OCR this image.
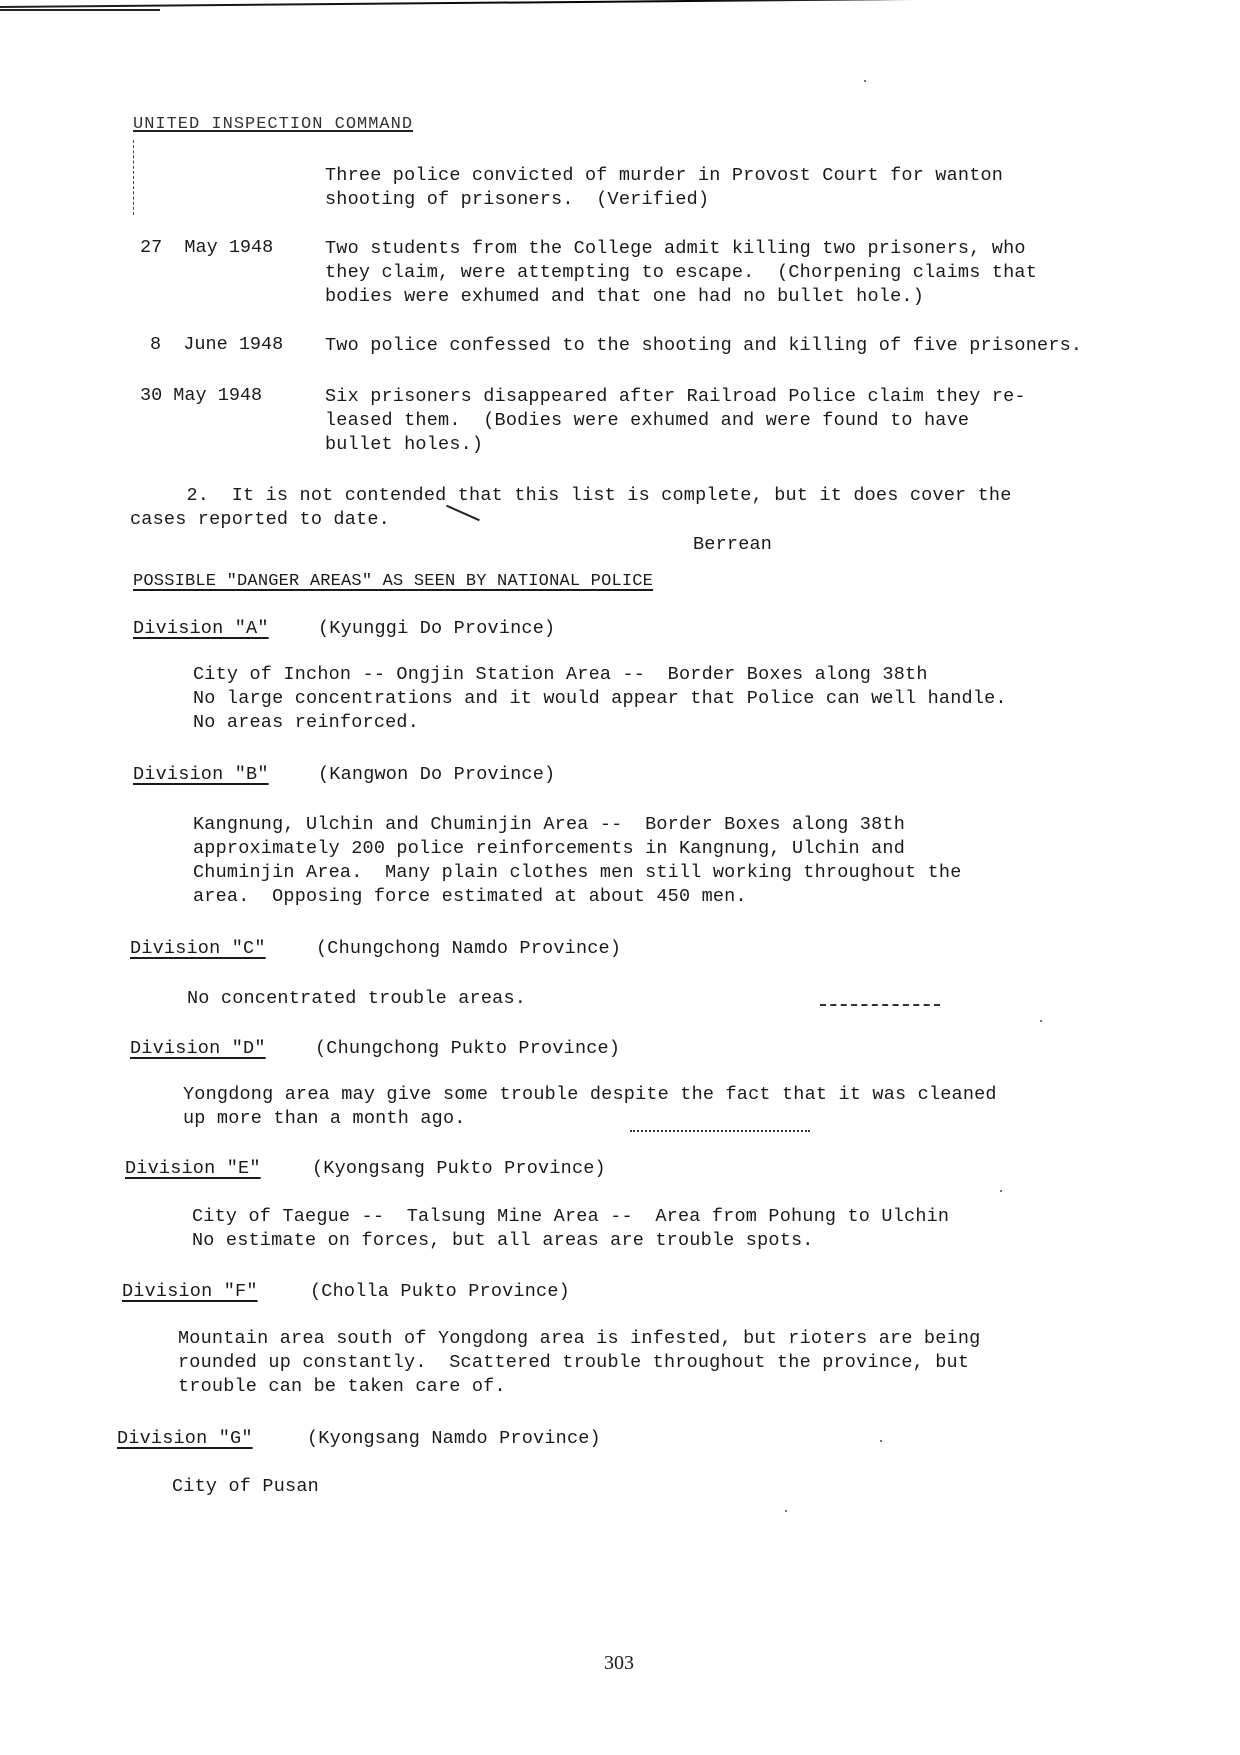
UNITED INSPECTION COMMAND
Three police convicted of murder in Provost Court for wanton
shooting of prisoners.  (Verified)
27  May 1948	Two students from the College admit killing two prisoners, who
they claim, were attempting to escape.  (Chorpening claims that
bodies were exhumed and that one had no bullet hole.)
8  June 1948 Two police confessed to the shooting and killing of five prisoners.
30 May 1948	Six prisoners disappeared after Railroad Police claim they re-
leased them.  (Bodies were exhumed and were found to have
bullet holes.)
2.  It is not contended that this list is complete, but it does cover the
cases reported to date.
Berrean
POSSIBLE "DANGER AREAS" AS SEEN BY NATIONAL POLICE
Division "A"	(Kyunggi Do Province)
City of Inchon -- Ongjin Station Area --  Border Boxes along 38th
No large concentrations and it would appear that Police can well handle.
No areas reinforced.
Division "B"	(Kangwon Do Province)
Kangnung, Ulchin and Chuminjin Area --  Border Boxes along 38th
approximately 200 police reinforcements in Kangnung, Ulchin and
Chuminjin Area.  Many plain clothes men still working throughout the
area.  Opposing force estimated at about 450 men.
Division "C"	(Chungchong Namdo Province)
No concentrated trouble areas.
Division "D"	(Chungchong Pukto Province)
Yongdong area may give some trouble despite the fact that it was cleaned
up more than a month ago.
Division "E"	(Kyongsang Pukto Province)
City of Taegue --  Talsung Mine Area --  Area from Pohung to Ulchin
No estimate on forces, but all areas are trouble spots.
Division "F"	(Cholla Pukto Province)
Mountain area south of Yongdong area is infested, but rioters are being
rounded up constantly.  Scattered trouble throughout the province, but
trouble can be taken care of.
Division "G"	(Kyongsang Namdo Province)
City of Pusan
303
